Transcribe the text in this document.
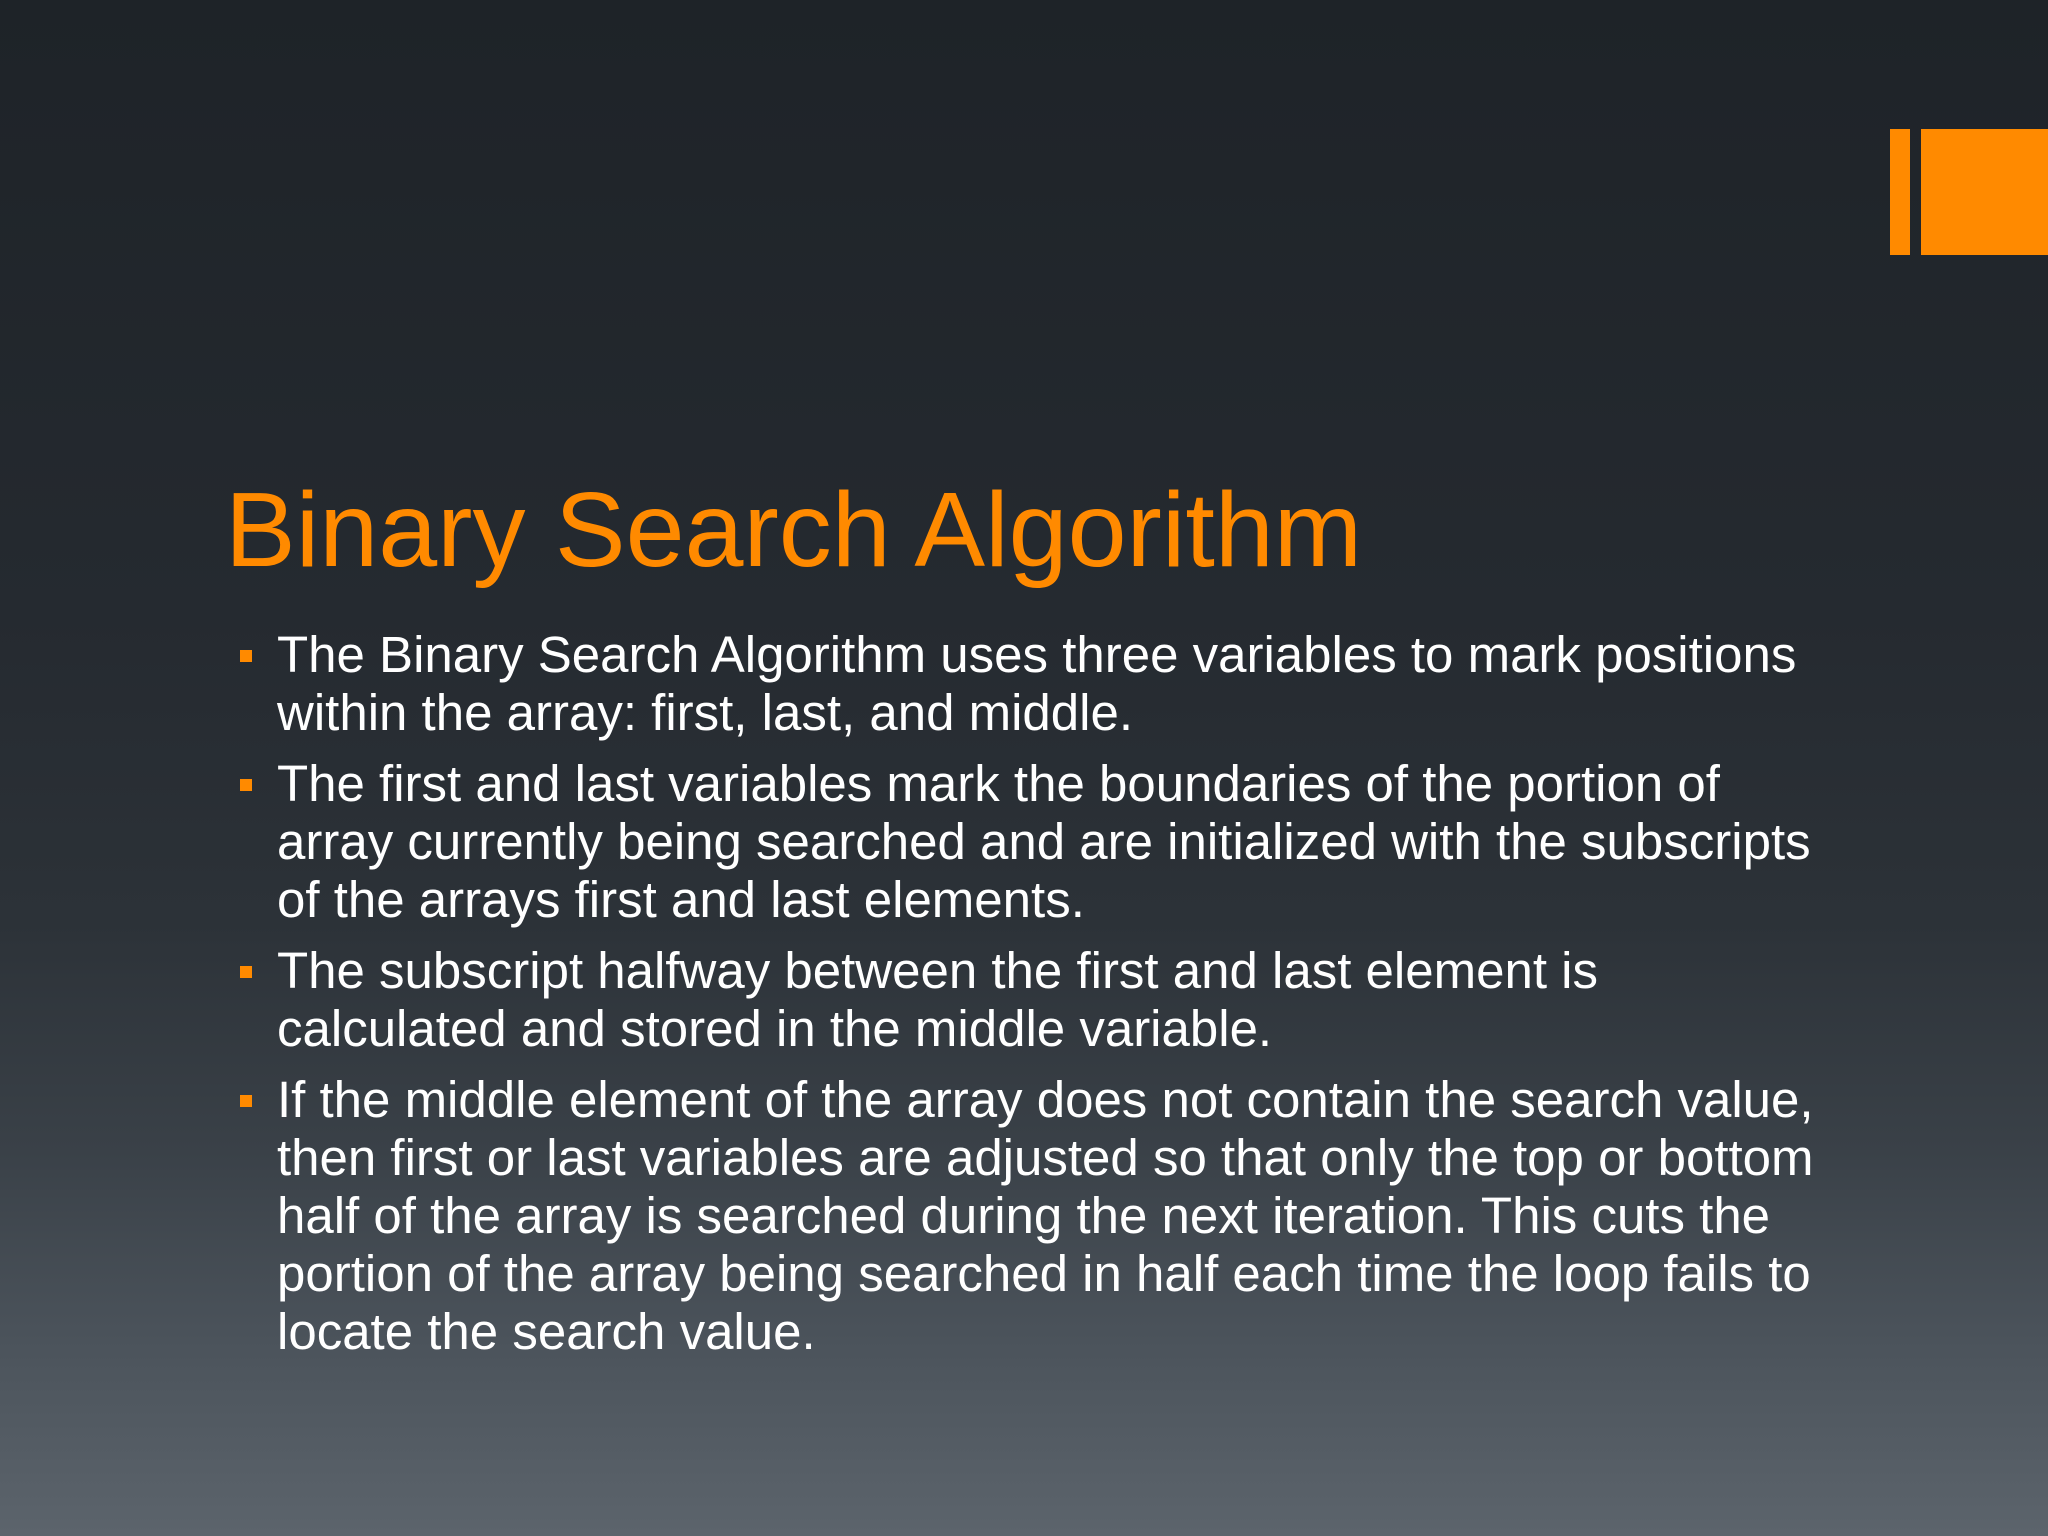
Binary Search Algorithm
The Binary Search Algorithm uses three variables to mark positions within the array: first, last, and middle.
The first and last variables mark the boundaries of the portion of array currently being searched and are initialized with the subscripts of the arrays first and last elements.
The subscript halfway between the first and last element is calculated and stored in the middle variable.
If the middle element of the array does not contain the search value, then first or last variables are adjusted so that only the top or bottom half of the array is searched during the next iteration. This cuts the portion of the array being searched in half each time the loop fails to locate the search value.
